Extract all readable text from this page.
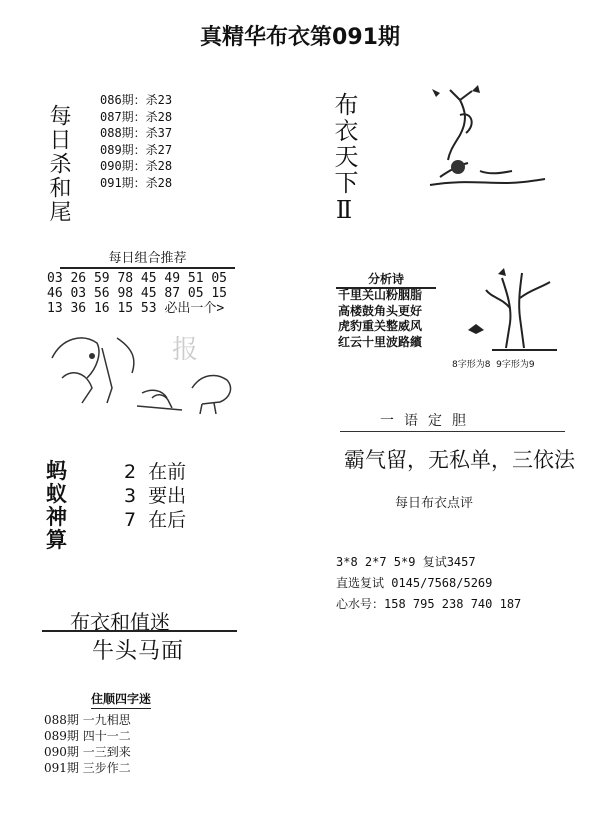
真精华布衣第091期
每日杀和尾
086期：杀23
087期：杀28
088期：杀37
089期：杀27
090期：杀28
091期：杀28	布衣天下Ⅱ
每日组合推荐
03 26 59 78 45 49 51 05
46 03 56 98 45 87 05 15
13 36 16 15 53 必出一个>
报
蚂
蚁
神
算
2  在前
3  要出
7  在后
布衣和值迷
牛头马面
住顺四字迷
088期 一九相思
089期 四十一二
090期 一三到来
091期 三步作二
分析诗
千里关山粉胭脂
高楼鼓角头更好
虎豹重关整威风
红云十里波路繽
8字形为8  9字形为9
一语定胆
霸气留，无私单，三依法
每日布衣点评
3*8 2*7 5*9 复试3457
直选复试 0145/7568/5269
心水号：158 795 238 740 187
